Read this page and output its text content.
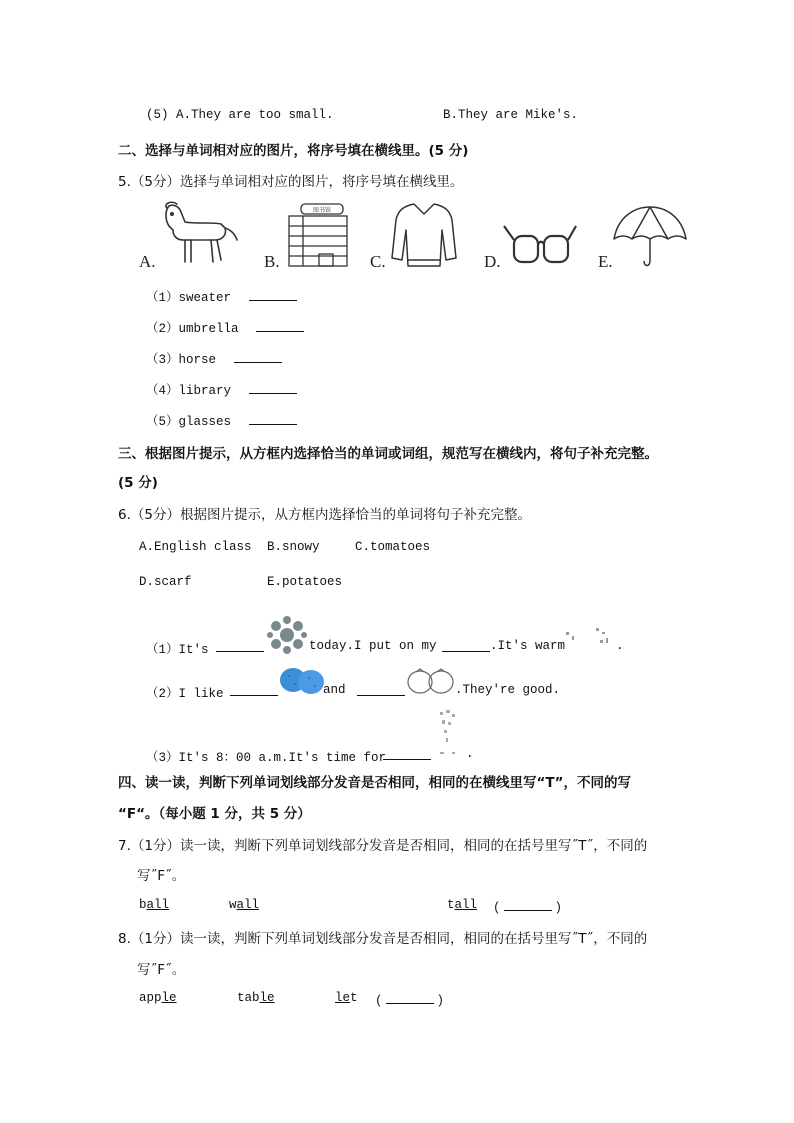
(5) A.They are too small.	B.They are Mike's.
二、选择与单词相对应的图片，将序号填在横线里。(5 分)
5.（5分）选择与单词相对应的图片，将序号填在横线里。
A.	B.
图书馆
C.	D.	E.
（1）sweater
（2）umbrella
（3）horse
（4）library
（5）glasses
三、根据图片提示，从方框内选择恰当的单词或词组，规范写在横线内，将句子补充完整。
(5 分)
6.（5分）根据图片提示，从方框内选择恰当的单词将句子补充完整。
A.English class B.snowy	C.tomatoes
D.scarf	E.potatoes
（1）It's	today.I put on my	.It's warm	.
（2）I like	and	.They're good.
（3）It's 8：00 a.m.It's time for	.
四、读一读，判断下列单词划线部分发音是否相同，相同的在横线里写“T”，不同的写
“F“。（每小题 1 分，共 5 分）
7.（1分）读一读，判断下列单词划线部分发音是否相同，相同的在括号里写˝T˝，不同的
写˝F˝。
ball	wall	tall (	)
8.（1分）读一读，判断下列单词划线部分发音是否相同，相同的在括号里写˝T˝，不同的
写˝F˝。
apple	table	let (	)
